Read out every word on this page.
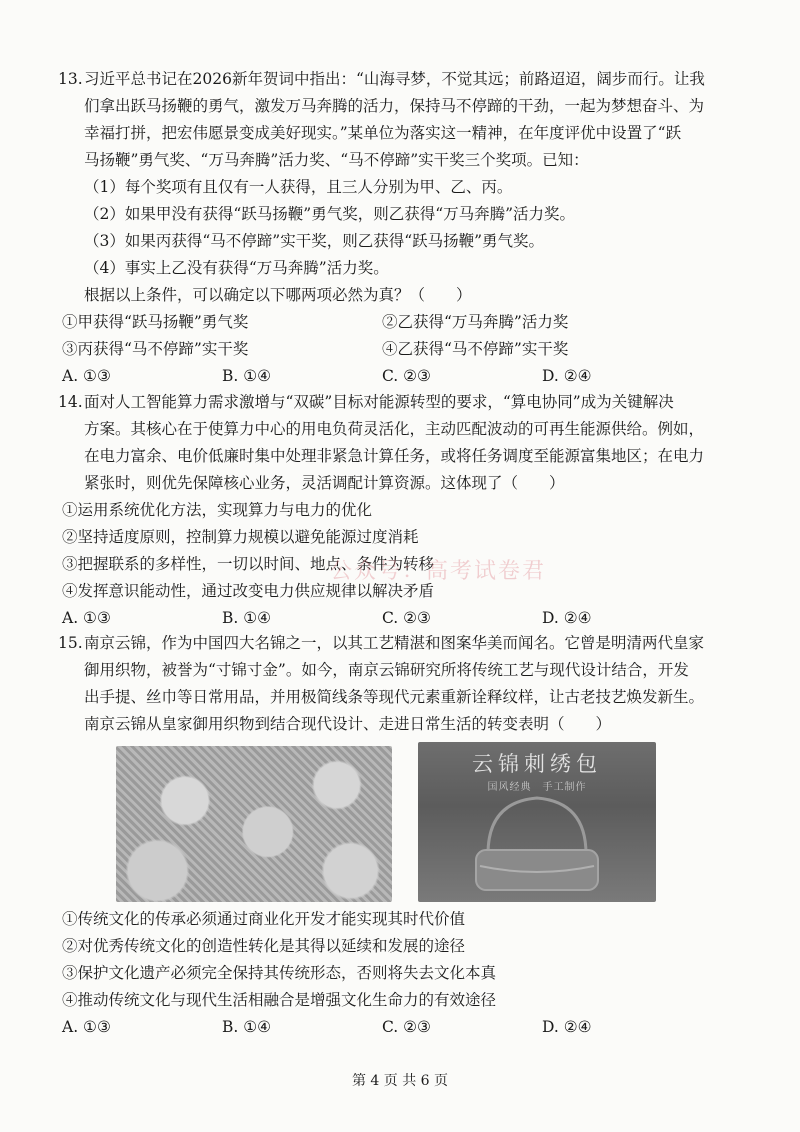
13. 习近平总书记在2026新年贺词中指出：“山海寻梦，不觉其远；前路迢迢，阔步而行。让我
们拿出跃马扬鞭的勇气，激发万马奔腾的活力，保持马不停蹄的干劲，一起为梦想奋斗、为
幸福打拼，把宏伟愿景变成美好现实。”某单位为落实这一精神，在年度评优中设置了“跃
马扬鞭”勇气奖、“万马奔腾”活力奖、“马不停蹄”实干奖三个奖项。已知：
（1）每个奖项有且仅有一人获得，且三人分别为甲、乙、丙。
（2）如果甲没有获得“跃马扬鞭”勇气奖，则乙获得“万马奔腾”活力奖。
（3）如果丙获得“马不停蹄”实干奖，则乙获得“跃马扬鞭”勇气奖。
（4）事实上乙没有获得“万马奔腾”活力奖。
根据以上条件，可以确定以下哪两项必然为真？（　　）
①甲获得“跃马扬鞭”勇气奖	②乙获得“万马奔腾”活力奖
③丙获得“马不停蹄”实干奖	④乙获得“马不停蹄”实干奖
A. ①③	B. ①④	C. ②③	D. ②④
14. 面对人工智能算力需求激增与“双碳”目标对能源转型的要求，“算电协同”成为关键解决
方案。其核心在于使算力中心的用电负荷灵活化，主动匹配波动的可再生能源供给。例如，
在电力富余、电价低廉时集中处理非紧急计算任务，或将任务调度至能源富集地区；在电力
紧张时，则优先保障核心业务，灵活调配计算资源。这体现了（　　）
①运用系统优化方法，实现算力与电力的优化
②坚持适度原则，控制算力规模以避免能源过度消耗
③把握联系的多样性，一切以时间、地点、条件为转移
④发挥意识能动性，通过改变电力供应规律以解决矛盾
A. ①③	B. ①④	C. ②③	D. ②④
公众号：高考试卷君
15. 南京云锦，作为中国四大名锦之一，以其工艺精湛和图案华美而闻名。它曾是明清两代皇家
御用织物，被誉为“寸锦寸金”。如今，南京云锦研究所将传统工艺与现代设计结合，开发
出手提、丝巾等日常用品，并用极简线条等现代元素重新诠释纹样，让古老技艺焕发新生。
南京云锦从皇家御用织物到结合现代设计、走进日常生活的转变表明（　　）
云锦刺绣包
国风经典　手工制作
①传统文化的传承必须通过商业化开发才能实现其时代价值
②对优秀传统文化的创造性转化是其得以延续和发展的途径
③保护文化遗产必须完全保持其传统形态，否则将失去文化本真
④推动传统文化与现代生活相融合是增强文化生命力的有效途径
A. ①③	B. ①④	C. ②③	D. ②④
第 4 页 共 6 页
